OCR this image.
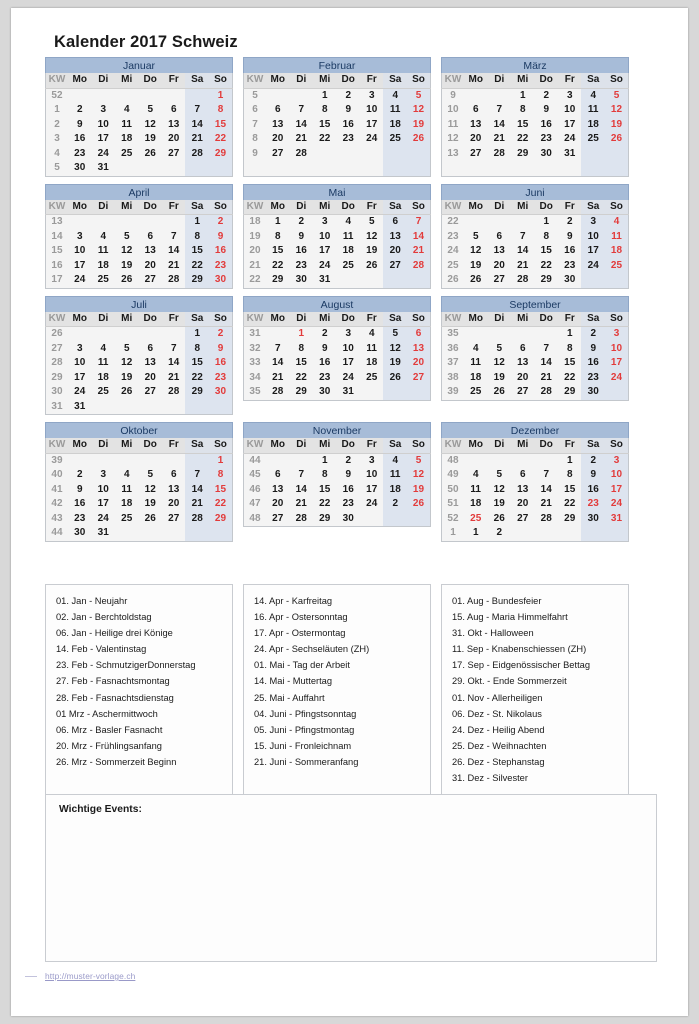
Kalender 2017 Schweiz
Januar
KW	Mo	Di	Mi	Do	Fr	Sa	So
52							1
1	2	3	4	5	6	7	8
2	9	10	11	12	13	14	15
3	16	17	18	19	20	21	22
4	23	24	25	26	27	28	29
5	30	31					
Februar
KW	Mo	Di	Mi	Do	Fr	Sa	So
5			1	2	3	4	5
6	6	7	8	9	10	11	12
7	13	14	15	16	17	18	19
8	20	21	22	23	24	25	26
9	27	28					

März
KW	Mo	Di	Mi	Do	Fr	Sa	So
9			1	2	3	4	5
10	6	7	8	9	10	11	12
11	13	14	15	16	17	18	19
12	20	21	22	23	24	25	26
13	27	28	29	30	31		

April
KW	Mo	Di	Mi	Do	Fr	Sa	So
13						1	2
14	3	4	5	6	7	8	9
15	10	11	12	13	14	15	16
16	17	18	19	20	21	22	23
17	24	25	26	27	28	29	30
Mai
KW	Mo	Di	Mi	Do	Fr	Sa	So
18	1	2	3	4	5	6	7
19	8	9	10	11	12	13	14
20	15	16	17	18	19	20	21
21	22	23	24	25	26	27	28
22	29	30	31				
Juni
KW	Mo	Di	Mi	Do	Fr	Sa	So
22				1	2	3	4
23	5	6	7	8	9	10	11
24	12	13	14	15	16	17	18
25	19	20	21	22	23	24	25
26	26	27	28	29	30		
Juli
KW	Mo	Di	Mi	Do	Fr	Sa	So
26						1	2
27	3	4	5	6	7	8	9
28	10	11	12	13	14	15	16
29	17	18	19	20	21	22	23
30	24	25	26	27	28	29	30
31	31						
August
KW	Mo	Di	Mi	Do	Fr	Sa	So
31		1	2	3	4	5	6
32	7	8	9	10	11	12	13
33	14	15	16	17	18	19	20
34	21	22	23	24	25	26	27
35	28	29	30	31			
September
KW	Mo	Di	Mi	Do	Fr	Sa	So
35					1	2	3
36	4	5	6	7	8	9	10
37	11	12	13	14	15	16	17
38	18	19	20	21	22	23	24
39	25	26	27	28	29	30	
Oktober
KW	Mo	Di	Mi	Do	Fr	Sa	So
39							1
40	2	3	4	5	6	7	8
41	9	10	11	12	13	14	15
42	16	17	18	19	20	21	22
43	23	24	25	26	27	28	29
44	30	31					
November
KW	Mo	Di	Mi	Do	Fr	Sa	So
44			1	2	3	4	5
45	6	7	8	9	10	11	12
46	13	14	15	16	17	18	19
47	20	21	22	23	24	2	26
48	27	28	29	30			
Dezember
KW	Mo	Di	Mi	Do	Fr	Sa	So
48					1	2	3
49	4	5	6	7	8	9	10
50	11	12	13	14	15	16	17
51	18	19	20	21	22	23	24
52	25	26	27	28	29	30	31
1	1	2					
01. Jan - Neujahr
02. Jan - Berchtoldstag
06. Jan - Heilige drei Könige
14. Feb - Valentinstag
23. Feb - SchmutzigerDonnerstag
27. Feb - Fasnachtsmontag
28. Feb - Fasnachtsdienstag
01 Mrz - Aschermittwoch
06. Mrz - Basler Fasnacht
20. Mrz - Frühlingsanfang
26. Mrz - Sommerzeit Beginn
14. Apr - Karfreitag
16. Apr - Ostersonntag
17. Apr - Ostermontag
24. Apr - Sechseläuten (ZH)
01. Mai - Tag der Arbeit
14. Mai - Muttertag
25. Mai - Auffahrt
04. Juni - Pfingstsonntag
05. Juni - Pfingstmontag
15. Juni - Fronleichnam
21. Juni - Sommeranfang
01. Aug - Bundesfeier
15. Aug - Maria Himmelfahrt
31. Okt - Halloween
11. Sep - Knabenschiessen (ZH)
17. Sep - Eidgenössischer Bettag
29. Okt. - Ende Sommerzeit
01. Nov - Allerheiligen
06. Dez - St. Nikolaus
24. Dez - Heilig Abend
25. Dez - Weihnachten
26. Dez - Stephanstag
31. Dez - Silvester
Wichtige Events:
http://muster-vorlage.ch
